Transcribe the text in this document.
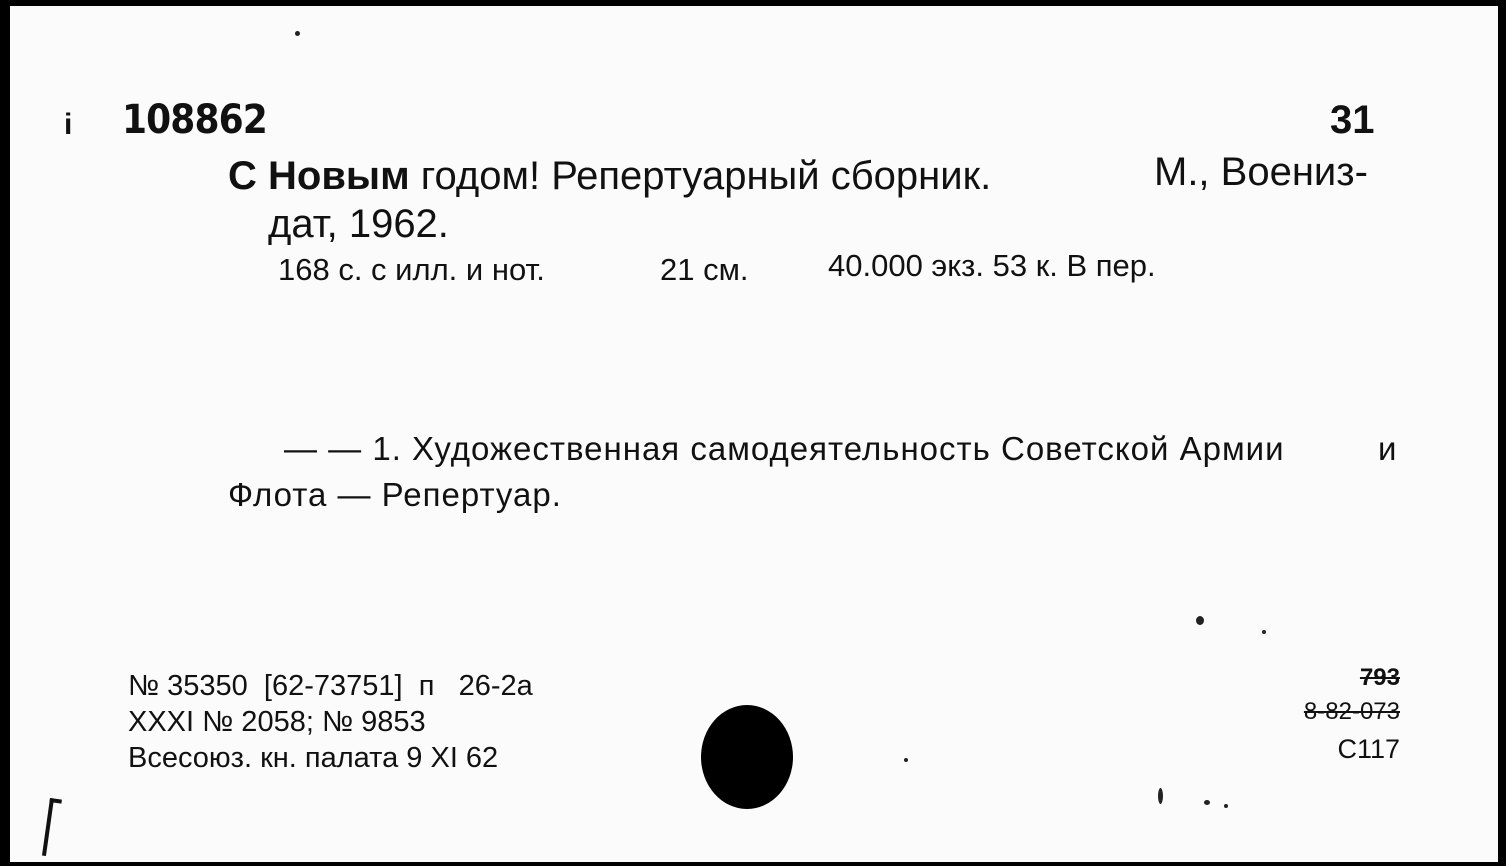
i 108862	31
С Новым годом! Репертуарный сборник.	М., Воениз-
дат, 1962.
168 с. с илл. и нот.	21 см.	40.000 экз. 53 к. В пер.
— — 1. Художественная самодеятельность Советской Армии	и
Флота — Репертуар.
№ 35350  [62-73751]  п   26-2а
XXXI № 2058; № 9853
Всесоюз. кн. палата 9 XI 62
793
8-82-073
С117
